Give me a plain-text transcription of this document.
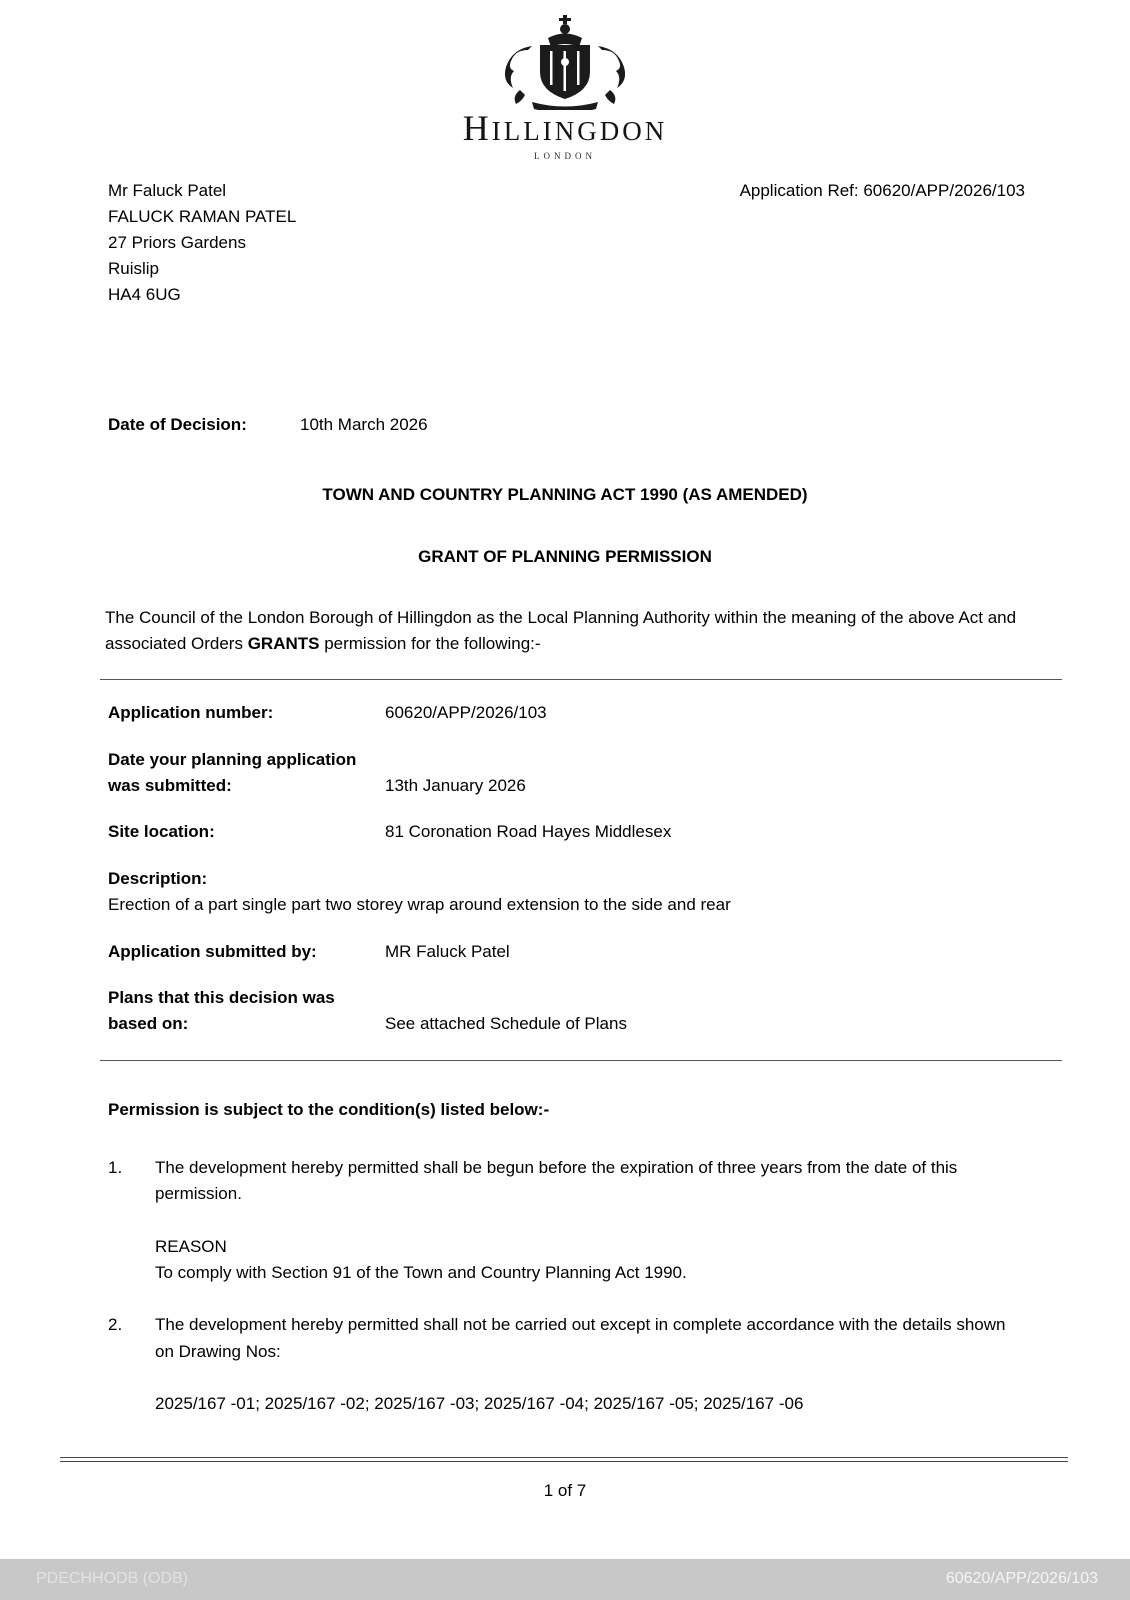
HILLINGDON
LONDON
Mr Faluck Patel
FALUCK RAMAN PATEL
27 Priors Gardens
Ruislip
HA4 6UG
Application Ref: 60620/APP/2026/103
Date of Decision:	10th March 2026
TOWN AND COUNTRY PLANNING ACT 1990 (AS AMENDED)
GRANT OF PLANNING PERMISSION

The Council of the London Borough of Hillingdon as the Local Planning Authority within the meaning of the above Act and associated Orders GRANTS permission for the following:-

Application number:	60620/APP/2026/103
Date your planning application was submitted:	13th January 2026
Site location:	81 Coronation Road Hayes Middlesex
Description:
Erection of a part single part two storey wrap around extension to the side and rear
Application submitted by:	MR Faluck Patel
Plans that this decision was based on:	See attached Schedule of Plans
Permission is subject to the condition(s) listed below:-
1.	The development hereby permitted shall be begun before the expiration of three years from the date of this permission.
REASON
To comply with Section 91 of the Town and Country Planning Act 1990.
2.	The development hereby permitted shall not be carried out except in complete accordance with the details shown on Drawing Nos:
2025/167 -01; 2025/167 -02; 2025/167 -03; 2025/167 -04; 2025/167 -05; 2025/167 -06
1 of 7
PDECHHODB (ODB)	60620/APP/2026/103
